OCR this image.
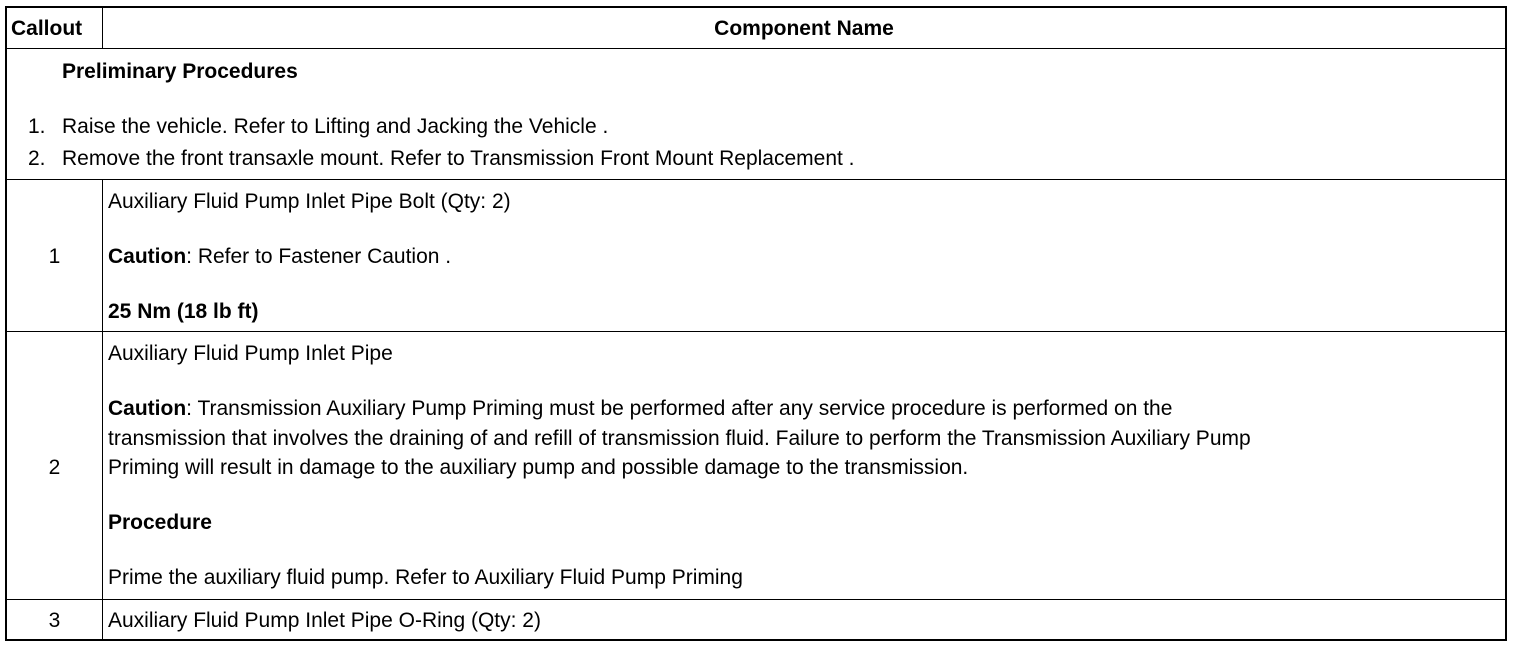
Callout	Component Name
Preliminary Procedures
1. Raise the vehicle. Refer to Lifting and Jacking the Vehicle .
2. Remove the front transaxle mount. Refer to Transmission Front Mount Replacement .
1
Auxiliary Fluid Pump Inlet Pipe Bolt (Qty: 2)
Caution: Refer to Fastener Caution .
25 Nm (18 lb ft)
2
Auxiliary Fluid Pump Inlet Pipe
Caution: Transmission Auxiliary Pump Priming must be performed after any service procedure is performed on the
transmission that involves the draining of and refill of transmission fluid. Failure to perform the Transmission Auxiliary Pump
Priming will result in damage to the auxiliary pump and possible damage to the transmission.
Procedure
Prime the auxiliary fluid pump. Refer to Auxiliary Fluid Pump Priming
3	Auxiliary Fluid Pump Inlet Pipe O-Ring (Qty: 2)
